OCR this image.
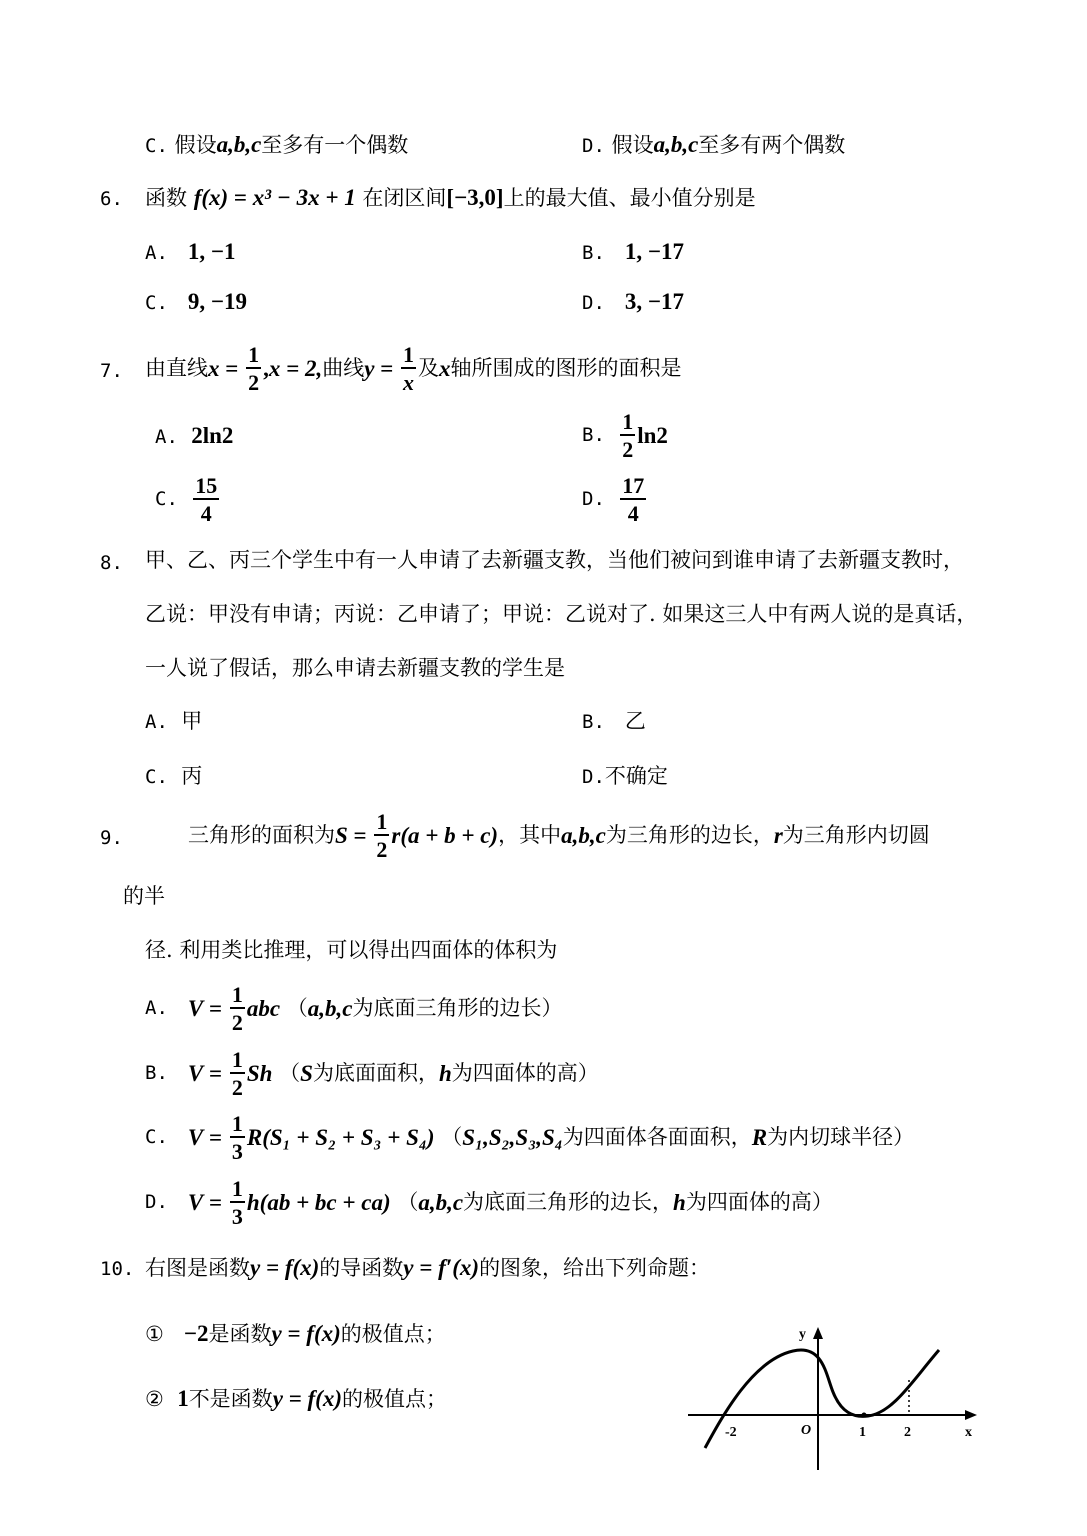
C. 假设a,b,c至多有一个偶数	D. 假设a,b,c至多有两个偶数
6. 函数 f(x) = x³ − 3x + 1 在闭区间[−3,0]上的最大值、最小值分别是
A. 1, −1	B. 1, −17
C. 9, −19	D. 3, −17
7. 由直线$x = \frac{1}{2} ,x = 2$,曲线$y = \frac{1}{x}$ 及x轴所围成的图形的面积是
A. 2ln2	B. $\frac{1}{2} \ln 2$
C. $\frac{15}{4}$	D. $\frac{17}{4}$
8. 甲、乙、丙三个学生中有一人申请了去新疆支教，当他们被问到谁申请了去新疆支教时，
乙说：甲没有申请；丙说：乙申请了；甲说：乙说对了. 如果这三人中有两人说的是真话，
一人说了假话，那么申请去新疆支教的学生是
A. 甲	B. 乙
C. 丙	D.不确定
9.	三角形的面积为$S = \frac{1}{2} r(a + b + c)$，其中a,b,c为三角形的边长，r为三角形内切圆
的半
径. 利用类比推理，可以得出四面体的体积为
A. $V = \frac{1}{2}$ abc （a,b,c为底面三角形的边长）
B. $V = \frac{1}{2}$ Sh （S为底面面积，h为四面体的高）
C. $V = \frac{1}{3} R(S_1 + S_2 + S_3 + S_4)$ （S₁,S₂,S₃,S₄为四面体各面面积，R为内切球半径）
D. $V = \frac{1}{3} h(ab$ + bc + ca) （a,b,c为底面三角形的边长，h为四面体的高）
10. 右图是函数y = f(x)的导函数y = f′(x)的图象，给出下列命题：
① −2是函数y = f(x)的极值点；
② 1不是函数y = f(x)的极值点；
y
x
O
-2	1	2
